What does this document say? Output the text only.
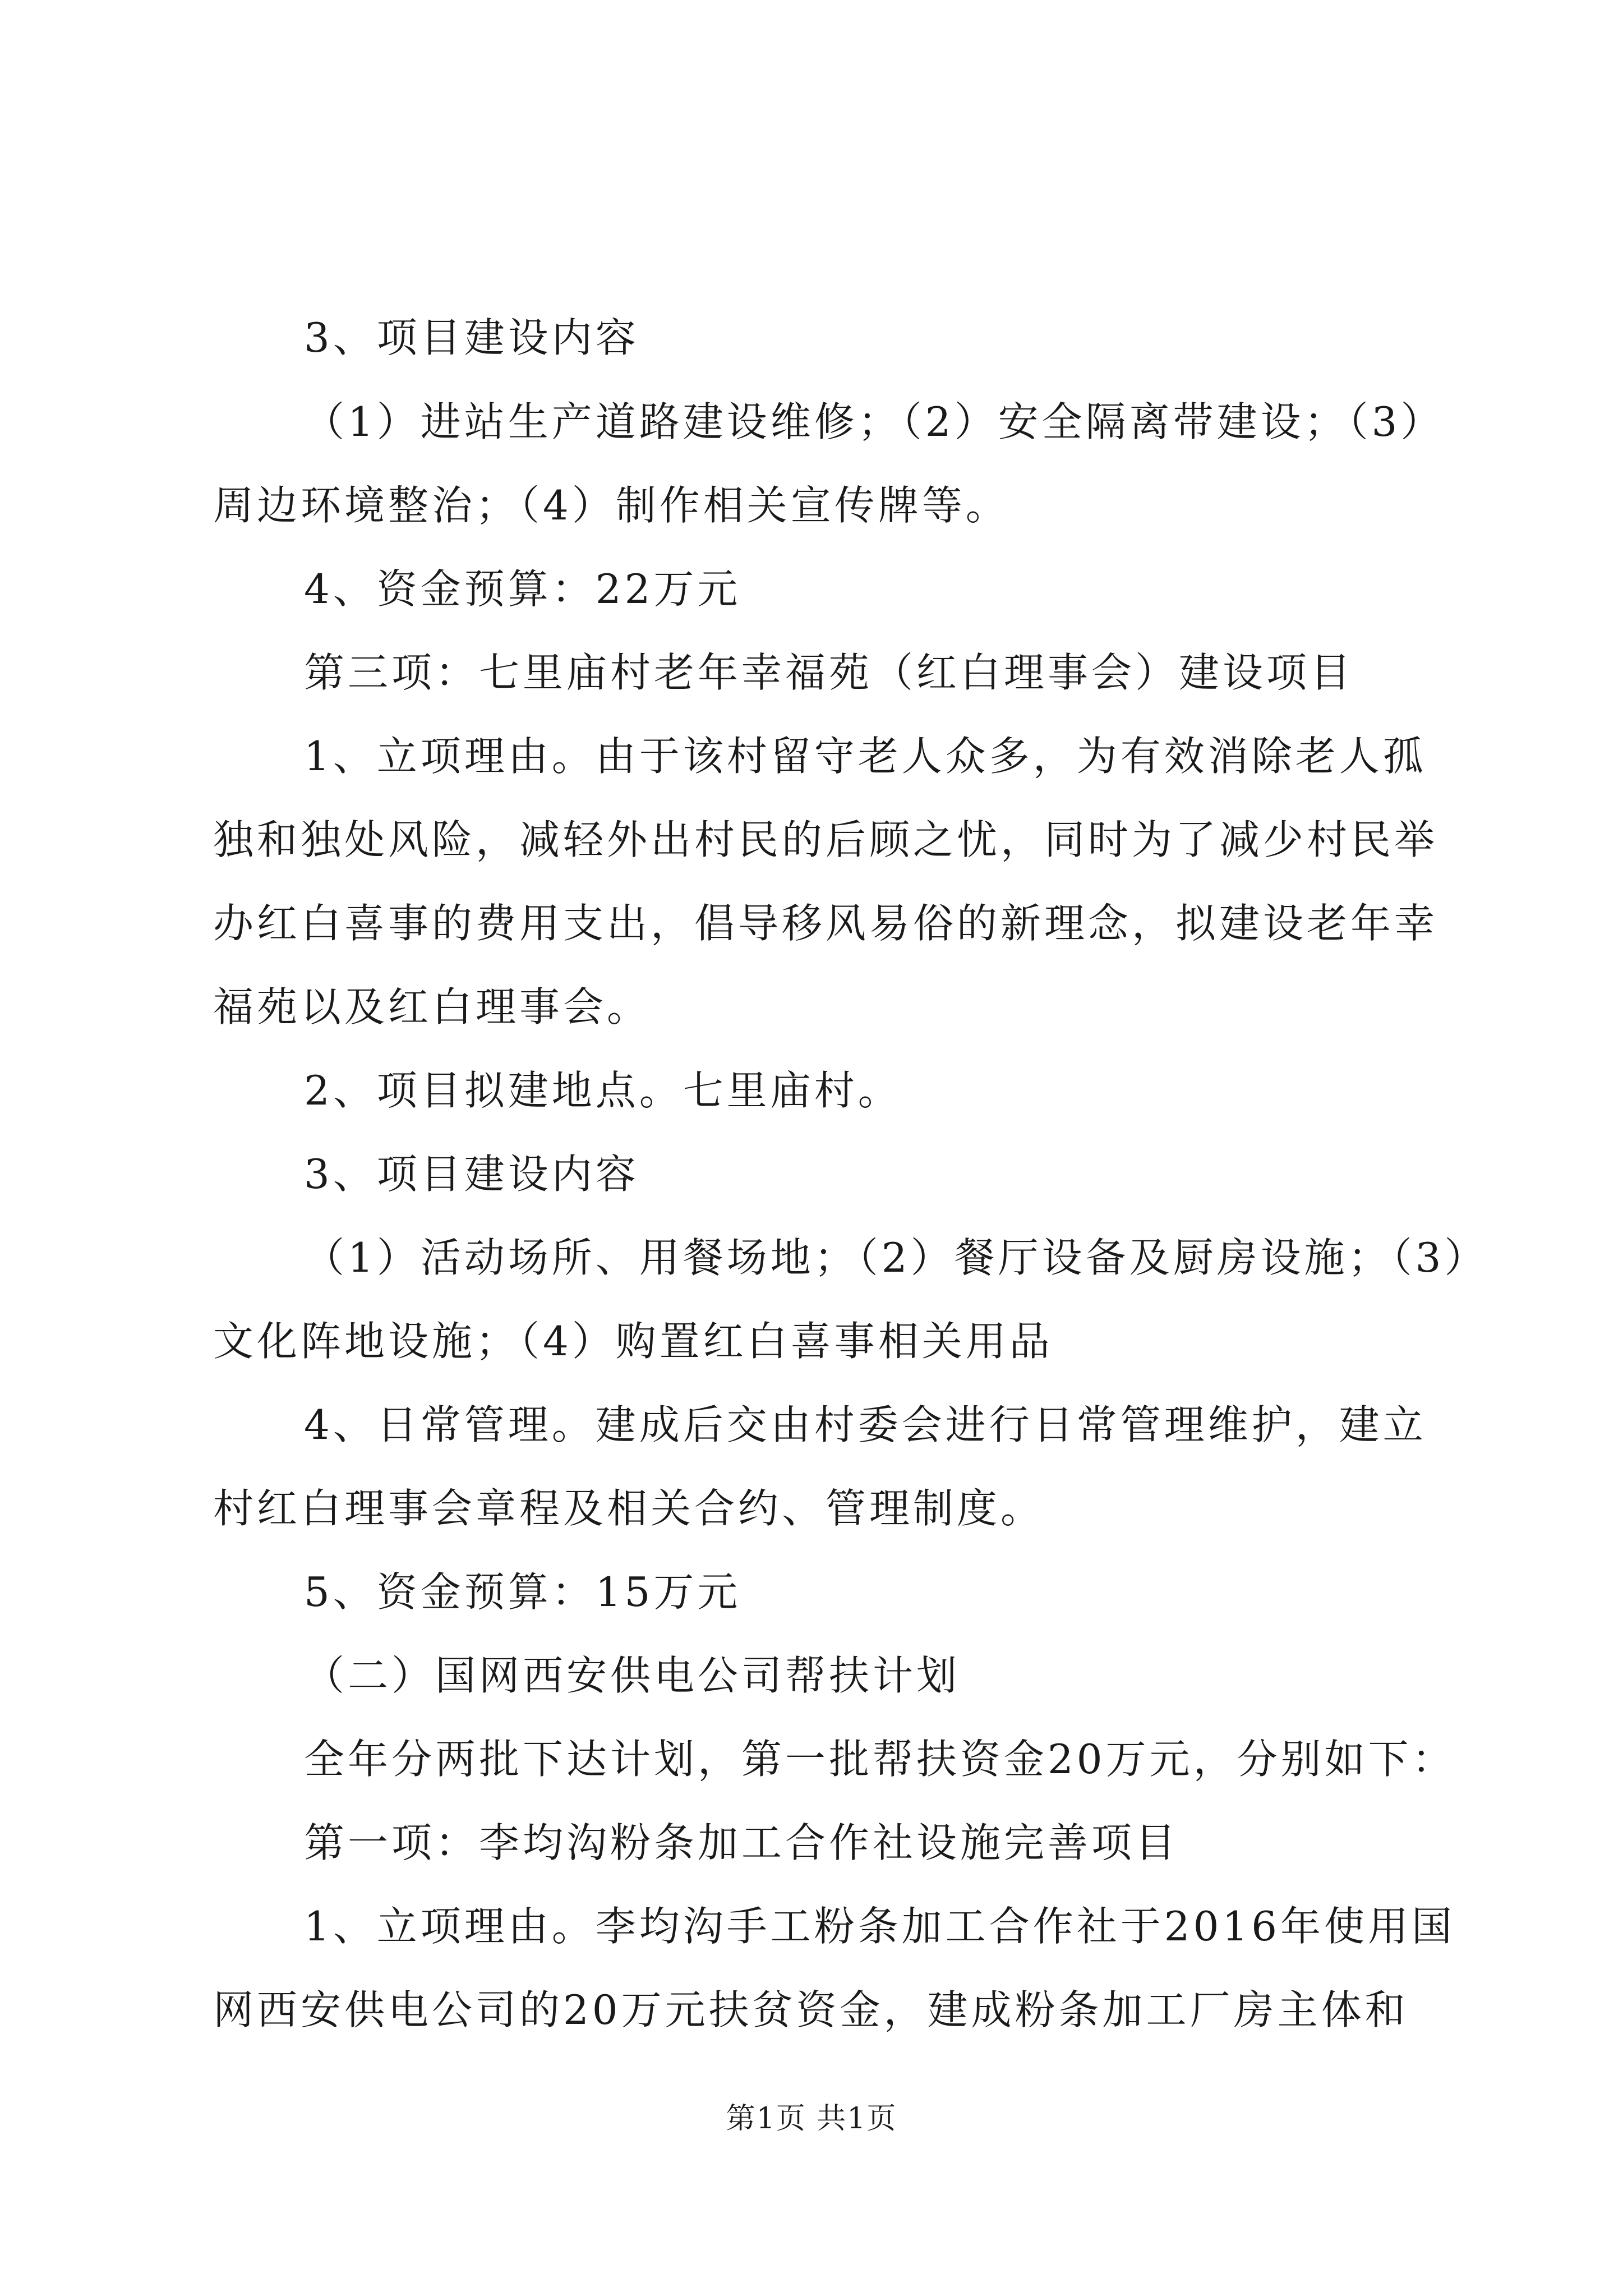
3、项目建设内容
（1）进站生产道路建设维修；（2）安全隔离带建设；（3）
周边环境整治；（4）制作相关宣传牌等。
4、资金预算：22万元
第三项：七里庙村老年幸福苑（红白理事会）建设项目
1、立项理由。由于该村留守老人众多，为有效消除老人孤
独和独处风险，减轻外出村民的后顾之忧，同时为了减少村民举
办红白喜事的费用支出，倡导移风易俗的新理念，拟建设老年幸
福苑以及红白理事会。
2、项目拟建地点。七里庙村。
3、项目建设内容
（1）活动场所、用餐场地；（2）餐厅设备及厨房设施；（3）
文化阵地设施；（4）购置红白喜事相关用品
4、日常管理。建成后交由村委会进行日常管理维护，建立
村红白理事会章程及相关合约、管理制度。
5、资金预算：15万元
（二）国网西安供电公司帮扶计划
全年分两批下达计划，第一批帮扶资金20万元，分别如下：
第一项：李均沟粉条加工合作社设施完善项目
1、立项理由。李均沟手工粉条加工合作社于2016年使用国
网西安供电公司的20万元扶贫资金，建成粉条加工厂房主体和
第1页 共1页
